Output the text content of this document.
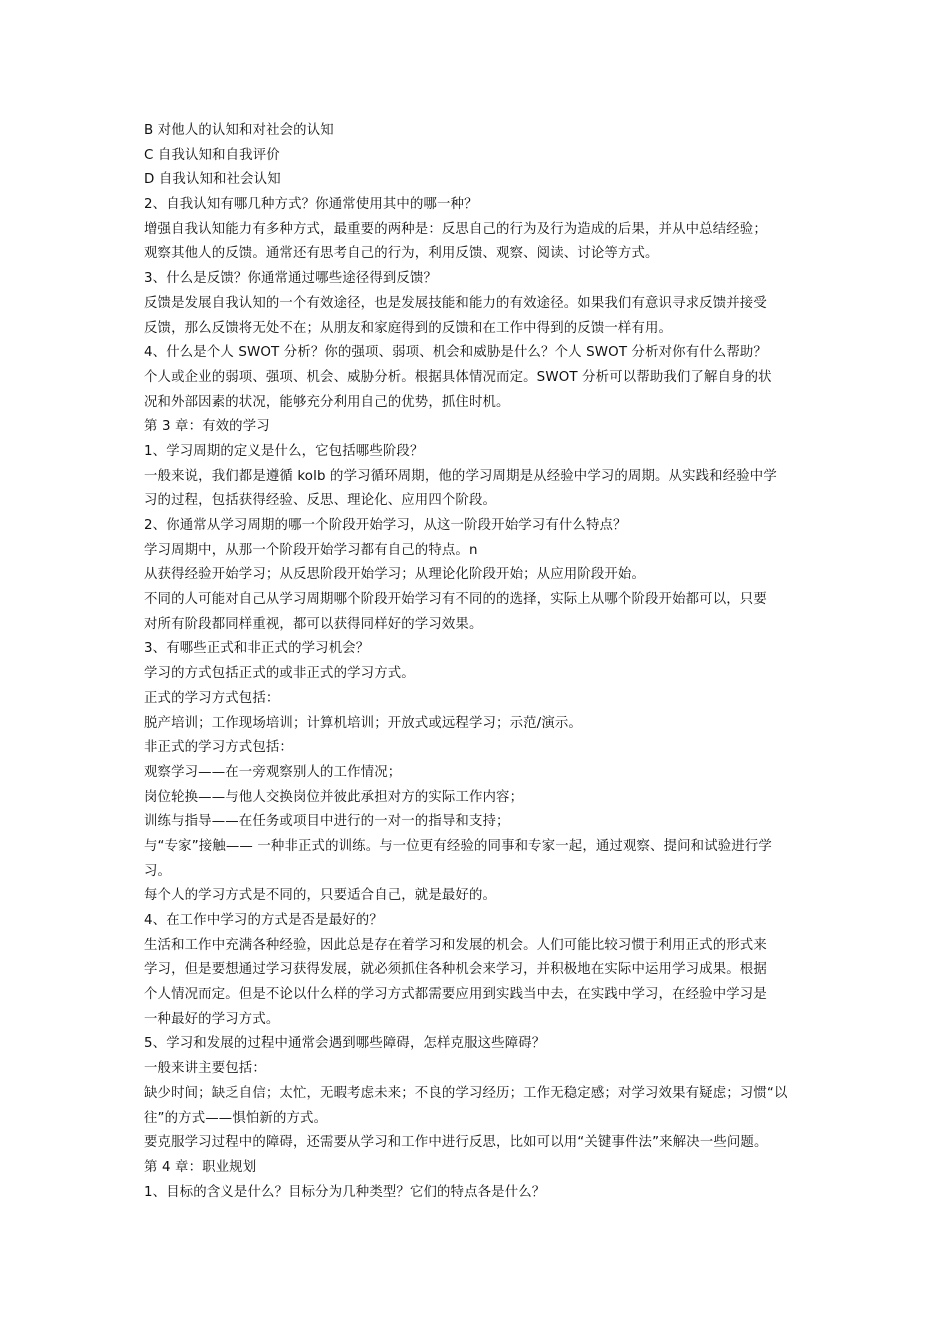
B 对他人的认知和对社会的认知
C 自我认知和自我评价
D 自我认知和社会认知
2、自我认知有哪几种方式？你通常使用其中的哪一种？
增强自我认知能力有多种方式，最重要的两种是：反思自己的行为及行为造成的后果，并从中总结经验；
观察其他人的反馈。通常还有思考自己的行为，利用反馈、观察、阅读、讨论等方式。
3、什么是反馈？你通常通过哪些途径得到反馈？
反馈是发展自我认知的一个有效途径，也是发展技能和能力的有效途径。如果我们有意识寻求反馈并接受
反馈，那么反馈将无处不在；从朋友和家庭得到的反馈和在工作中得到的反馈一样有用。
4、什么是个人 SWOT 分析？你的强项、弱项、机会和威胁是什么？个人 SWOT 分析对你有什么帮助？
个人或企业的弱项、强项、机会、威胁分析。根据具体情况而定。SWOT 分析可以帮助我们了解自身的状
况和外部因素的状况，能够充分利用自己的优势，抓住时机。
第 3 章：有效的学习
1、学习周期的定义是什么，它包括哪些阶段？
一般来说，我们都是遵循 kolb 的学习循环周期，他的学习周期是从经验中学习的周期。从实践和经验中学
习的过程，包括获得经验、反思、理论化、应用四个阶段。
2、你通常从学习周期的哪一个阶段开始学习，从这一阶段开始学习有什么特点？
学习周期中，从那一个阶段开始学习都有自己的特点。n
从获得经验开始学习；从反思阶段开始学习；从理论化阶段开始；从应用阶段开始。
不同的人可能对自己从学习周期哪个阶段开始学习有不同的的选择，实际上从哪个阶段开始都可以，只要
对所有阶段都同样重视，都可以获得同样好的学习效果。
3、有哪些正式和非正式的学习机会？
学习的方式包括正式的或非正式的学习方式。
正式的学习方式包括：
脱产培训；工作现场培训；计算机培训；开放式或远程学习；示范/演示。
非正式的学习方式包括：
观察学习——在一旁观察别人的工作情况；
岗位轮换——与他人交换岗位并彼此承担对方的实际工作内容；
训练与指导——在任务或项目中进行的一对一的指导和支持；
与“专家”接触—— 一种非正式的训练。与一位更有经验的同事和专家一起，通过观察、提问和试验进行学
习。
每个人的学习方式是不同的，只要适合自己，就是最好的。
4、在工作中学习的方式是否是最好的？
生活和工作中充满各种经验，因此总是存在着学习和发展的机会。人们可能比较习惯于利用正式的形式来
学习，但是要想通过学习获得发展，就必须抓住各种机会来学习，并积极地在实际中运用学习成果。根据
个人情况而定。但是不论以什么样的学习方式都需要应用到实践当中去，在实践中学习，在经验中学习是
一种最好的学习方式。
5、学习和发展的过程中通常会遇到哪些障碍，怎样克服这些障碍？
一般来讲主要包括：
缺少时间；缺乏自信；太忙，无暇考虑未来；不良的学习经历；工作无稳定感；对学习效果有疑虑；习惯“以
往”的方式——惧怕新的方式。
要克服学习过程中的障碍，还需要从学习和工作中进行反思，比如可以用“关键事件法”来解决一些问题。
第 4 章：职业规划
1、目标的含义是什么？目标分为几种类型？它们的特点各是什么？
